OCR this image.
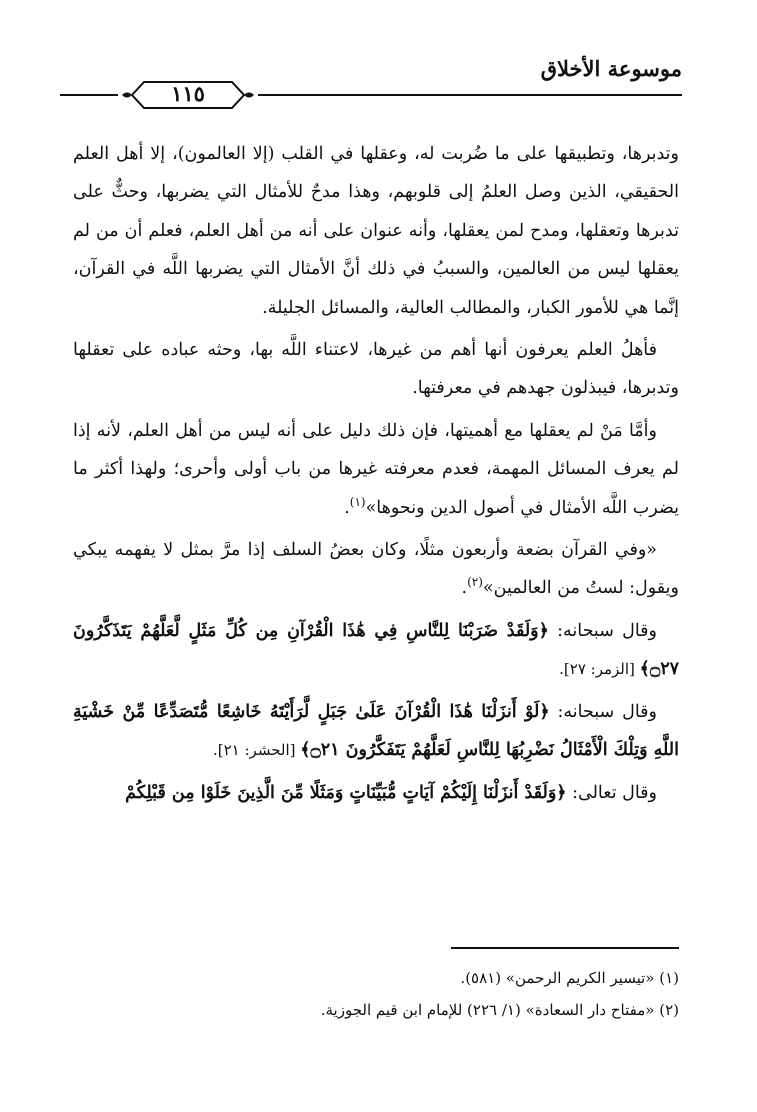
موسوعة الأخلاق
١١٥
وتدبرها، وتطبيقها على ما ضُربت له، وعقلها في القلب (إلا العالمون)، إلا أهل العلم الحقيقي، الذين وصل العلمُ إلى قلوبهم، وهذا مدحٌ للأمثال التي يضربها، وحثٌّ على تدبرها وتعقلها، ومدح لمن يعقلها، وأنه عنوان على أنه من أهل العلم، فعلم أن من لم يعقلها ليس من العالمين، والسببُ في ذلك أنَّ الأمثال التي يضربها اللَّه في القرآن، إنَّما هي للأمور الكبار، والمطالب العالية، والمسائل الجليلة.
فأهلُ العلم يعرفون أنها أهم من غيرها، لاعتناء اللَّه بها، وحثه عباده على تعقلها وتدبرها، فيبذلون جهدهم في معرفتها.
وأمَّا مَنْ لم يعقلها مع أهميتها، فإن ذلك دليل على أنه ليس من أهل العلم، لأنه إذا لم يعرف المسائل المهمة، فعدم معرفته غيرها من باب أولى وأحرى؛ ولهذا أكثر ما يضرب اللَّه الأمثال في أصول الدين ونحوها»$^{(١)}$.
«وفي القرآن بضعة وأربعون مثلًا، وكان بعضُ السلف إذا مرَّ بمثل لا يفهمه يبكي ويقول: لستُ من العالمين»$^{(٢)}$.
وقال سبحانه: ﴿وَلَقَدْ ضَرَبْنَا لِلنَّاسِ فِي هَٰذَا الْقُرْآنِ مِن كُلِّ مَثَلٍ لَّعَلَّهُمْ يَتَذَكَّرُونَ ۝٢٧﴾ [الزمر: ٢٧].
وقال سبحانه: ﴿لَوْ أَنزَلْنَا هَٰذَا الْقُرْآنَ عَلَىٰ جَبَلٍ لَّرَأَيْتَهُ خَاشِعًا مُّتَصَدِّعًا مِّنْ خَشْيَةِ اللَّهِ وَتِلْكَ الْأَمْثَالُ نَضْرِبُهَا لِلنَّاسِ لَعَلَّهُمْ يَتَفَكَّرُونَ ۝٢١﴾ [الحشر: ٢١].
وقال تعالى: ﴿وَلَقَدْ أَنزَلْنَا إِلَيْكُمْ آيَاتٍ مُّبَيِّنَاتٍ وَمَثَلًا مِّنَ الَّذِينَ خَلَوْا مِن قَبْلِكُمْ
(١) «تيسير الكريم الرحمن» (٥٨١).
(٢) «مفتاح دار السعادة» (١/ ٢٢٦) للإمام ابن قيم الجوزية.
